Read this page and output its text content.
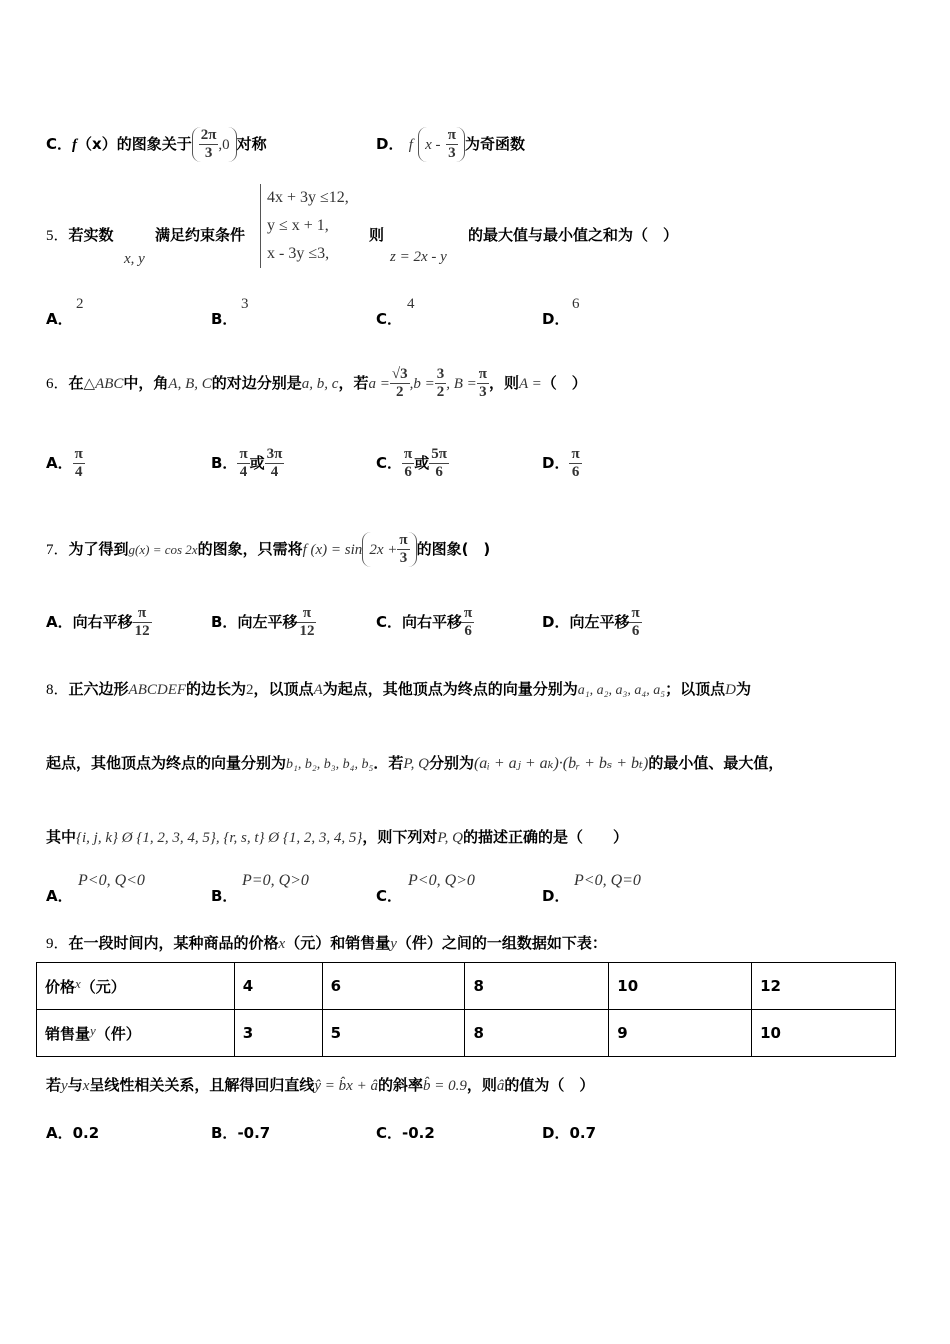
C．f（x）的图象关于 $\frac{2\pi}{3} ,0$ 对称	D． f x - $\frac{\pi}{3}$ 为奇函数
5．若实数
x, y
满足约束条件
4x + 3y ≤12,
y ≤ x + 1,
x - 3y ≤3,
则
z = 2x - y
的最大值与最小值之和为（　）
A．
2
B．
3
C．
4
D．
6
6．在△ABC中，角A, B, C的对边分别是a, b, c，若$a = \frac{√3}{2} ,b = \frac{3}{2}$ , $B = \frac{\pi}{3}$ ，则A =（　）
A． $\frac{\pi}{4}$	B． $\frac{\pi}{4}$ 或 $\frac{3\pi}{4}$	C． $\frac{\pi}{6}$ 或 $\frac{5\pi}{6}$	D． $\frac{\pi}{6}$
7．为了得到g(x) = cos 2x的图象，只需将f $(x) = \sin 2x + \frac{\pi}{3}$ 的图象(　)
A．向右平移 $\frac{\pi}{12}$	B．向左平移 $\frac{\pi}{12}$	C．向右平移 $\frac{\pi}{6}$	D．向左平移 $\frac{\pi}{6}$
8．正六边形ABCDEF的边长为2，以顶点A为起点，其他顶点为终点的向量分别为a₁, a₂, a₃, a₄, a₅；以顶点D为
起点，其他顶点为终点的向量分别为b₁, b₂, b₃, b₄, b₅．若P, Q分别为(aᵢ + aⱼ + aₖ)·(bᵣ + bₛ + bₜ)的最小值、最大值，
其中{i, j, k} Ø {1, 2, 3, 4, 5}, {r, s, t} Ø {1, 2, 3, 4, 5}，则下列对P, Q的描述正确的是（　　）
A．
P<0, Q<0
B．
P=0, Q>0
C．
P<0, Q>0
D．
P<0, Q=0
9．在一段时间内，某种商品的价格x（元）和销售量y（件）之间的一组数据如下表：
价格x（元）	4	6	8	10	12
销售量y（件）	3	5	8	9	10
若y与x呈线性相关关系，且解得回归直线ŷ = b̂x + â的斜率b̂ = 0.9，则â的值为（　）
A．0.2	B．-0.7	C．-0.2	D．0.7
